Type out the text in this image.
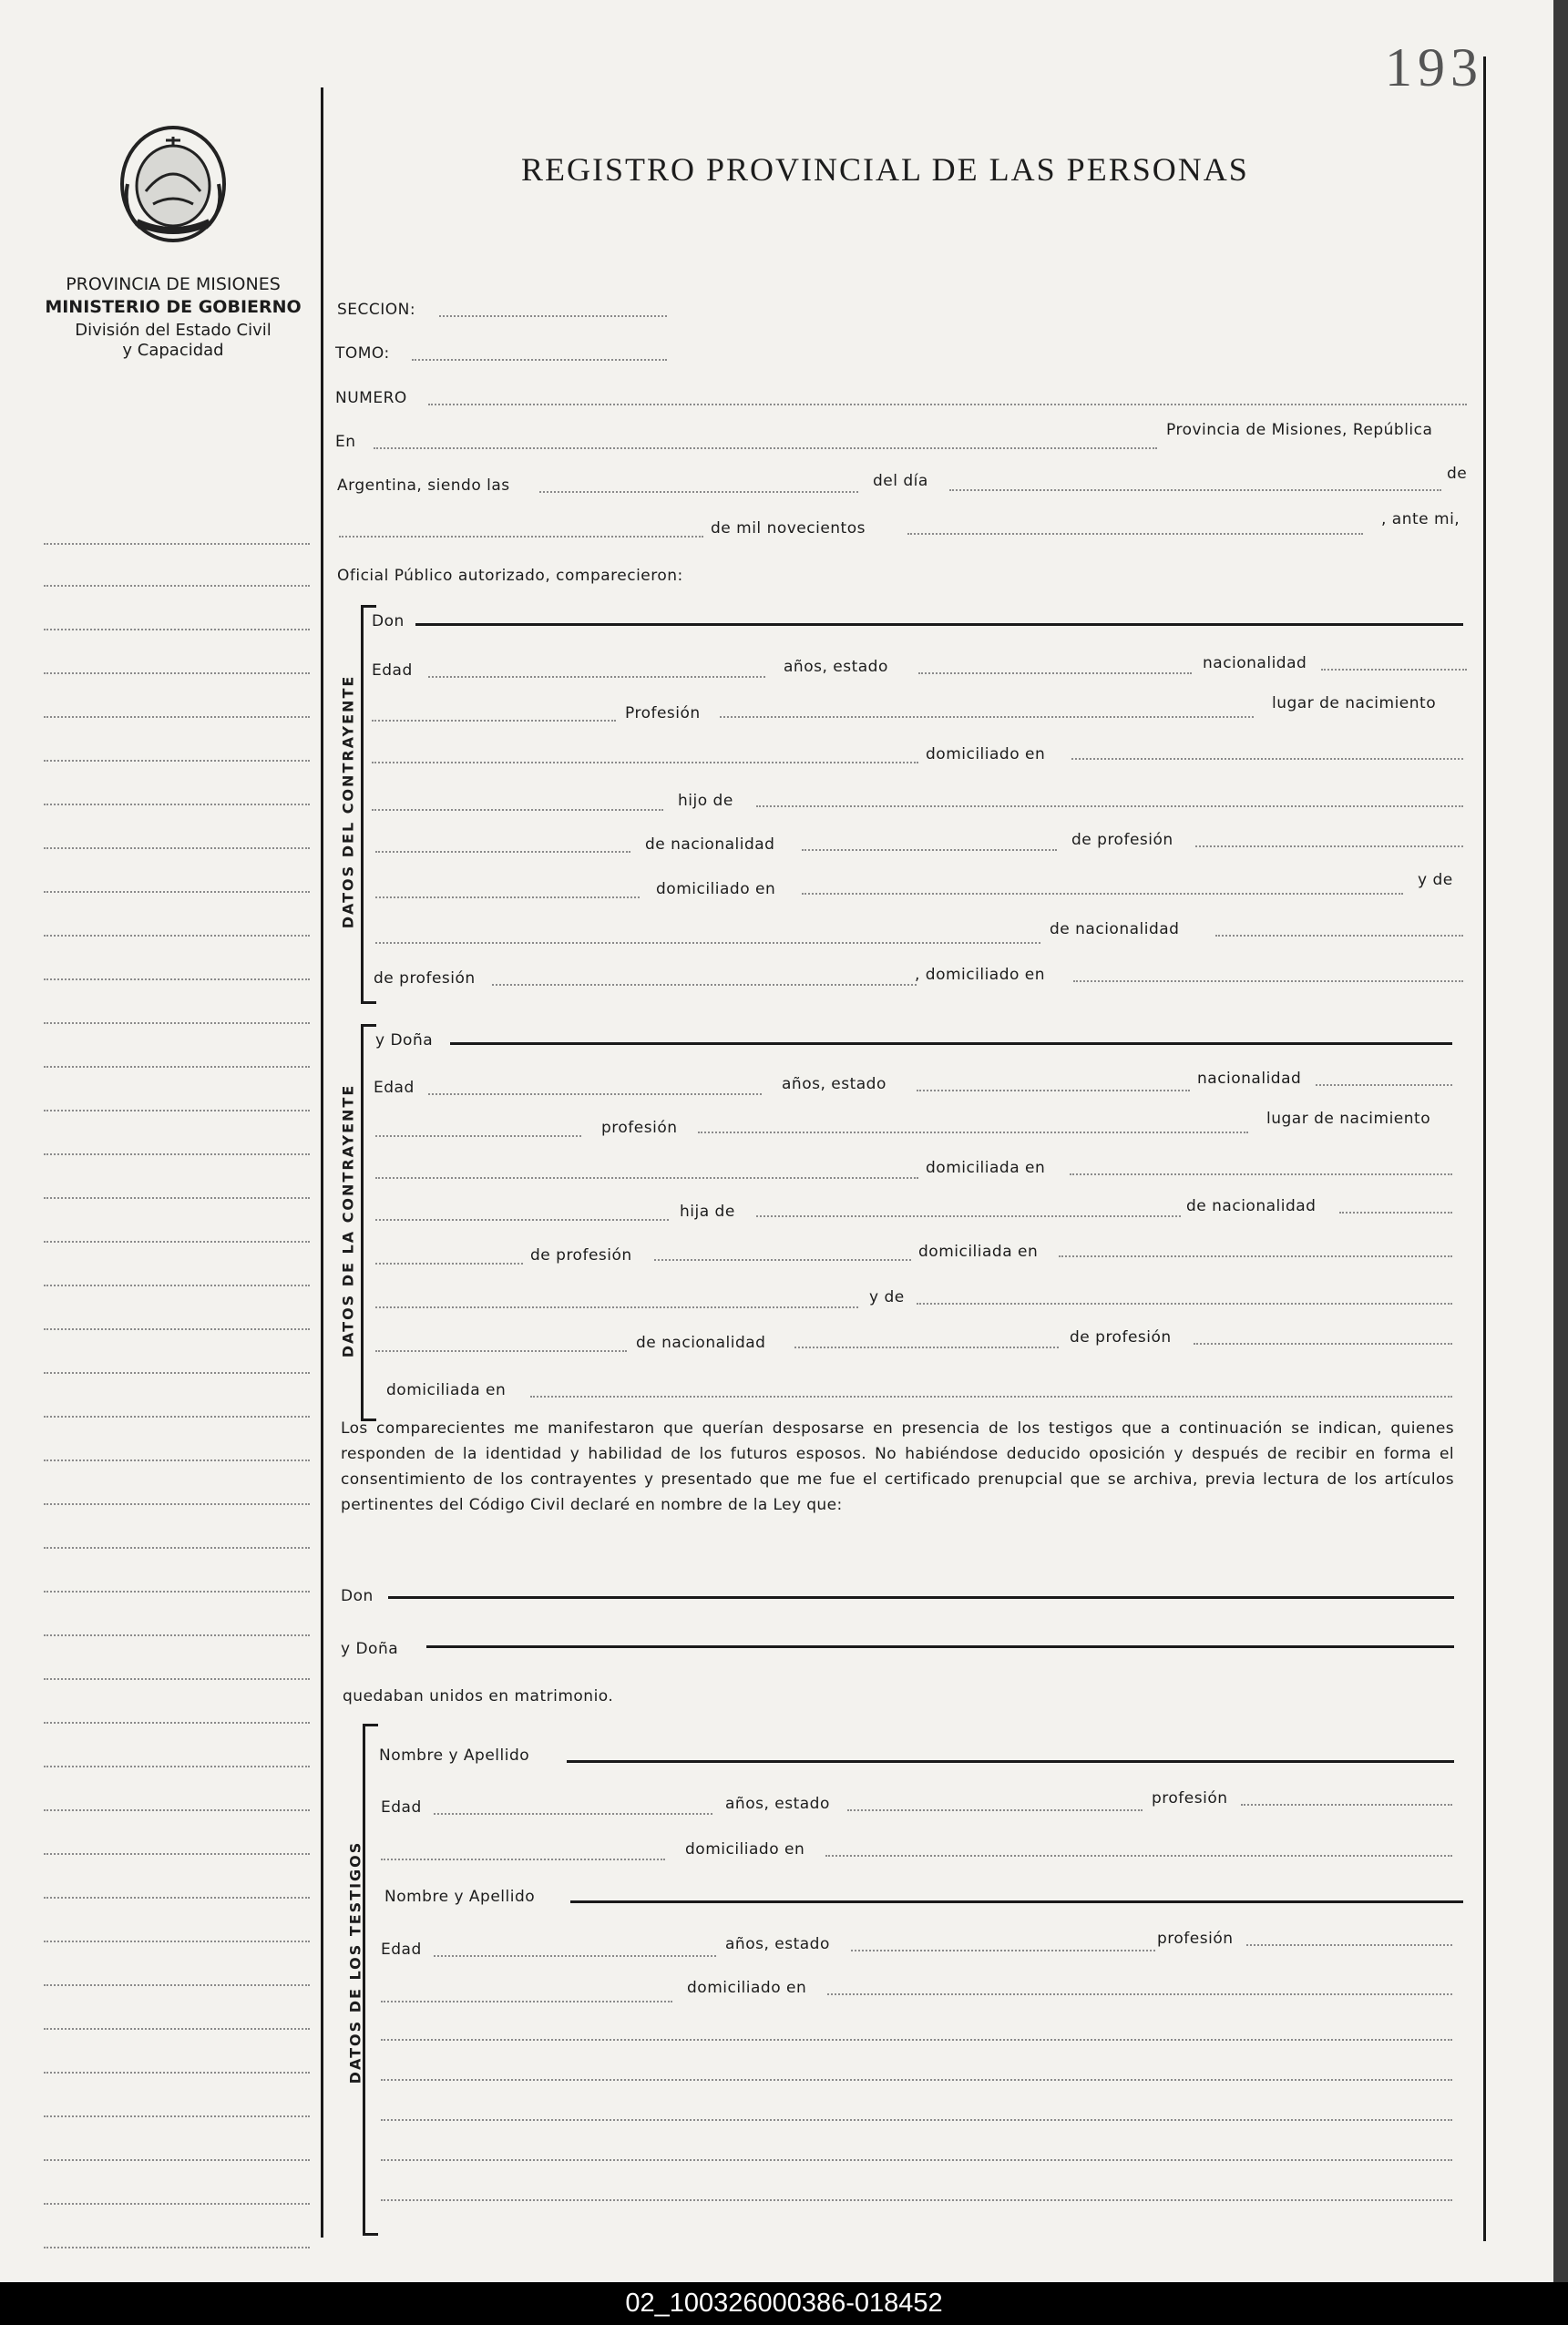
193
PROVINCIA DE MISIONES
MINISTERIO DE GOBIERNO
División del Estado Civil
y Capacidad
REGISTRO PROVINCIAL DE LAS PERSONAS
SECCION:
TOMO:
NUMERO
En
Provincia de Misiones, República
Argentina, siendo las	del día	de
de mil novecientos	, ante mi,
Oficial Público autorizado, comparecieron:
DATOS DEL CONTRAYENTE
Don
Edad	años, estado	nacionalidad
Profesión
lugar de nacimiento
domiciliado en
hijo de
de nacionalidad	de profesión
domiciliado en	y de
de nacionalidad
de profesión	, domiciliado en
DATOS DE LA CONTRAYENTE
y Doña
Edad	años, estado	nacionalidad
profesión	lugar de nacimiento
domiciliada en
hija de	de nacionalidad
de profesión	domiciliada en
y de
de nacionalidad	de profesión
domiciliada en
Los comparecientes me manifestaron que querían desposarse en presencia de los testigos que a continuación se indican, quienes responden de la identidad y habilidad de los futuros esposos. No habiéndose deducido oposición y después de recibir en forma el consentimiento de los contrayentes y presentado que me fue el certificado prenupcial que se archiva, previa lectura de los artículos pertinentes del Código Civil declaré en nombre de la Ley que:
Don
y Doña
quedaban unidos en matrimonio.
DATOS DE LOS TESTIGOS
Nombre y Apellido
Edad	años, estado	profesión
domiciliado en
Nombre y Apellido
Edad	años, estado	profesión
domiciliado en
02_100326000386-018452
